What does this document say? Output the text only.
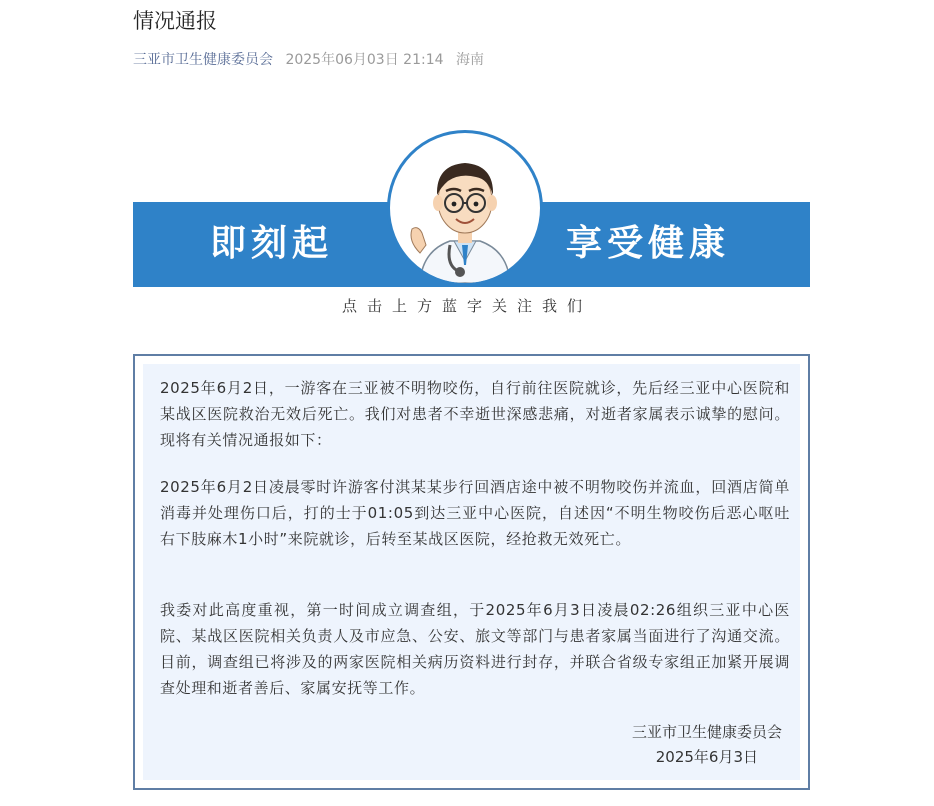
情况通报
三亚市卫生健康委员会 2025年06月03日 21:14 海南
即刻起	享受健康
点击上方蓝字关注我们
2025年6月2日，一游客在三亚被不明物咬伤，自行前往医院就诊，先后经三亚中心医院和某战区医院救治无效后死亡。我们对患者不幸逝世深感悲痛，对逝者家属表示诚挚的慰问。现将有关情况通报如下：
2025年6月2日凌晨零时许游客付淇某某步行回酒店途中被不明物咬伤并流血，回酒店简单消毒并处理伤口后，打的士于01:05到达三亚中心医院，自述因“不明生物咬伤后恶心呕吐右下肢麻木1小时”来院就诊，后转至某战区医院，经抢救无效死亡。
我委对此高度重视，第一时间成立调查组，于2025年6月3日凌晨02:26组织三亚中心医院、某战区医院相关负责人及市应急、公安、旅文等部门与患者家属当面进行了沟通交流。目前，调查组已将涉及的两家医院相关病历资料进行封存，并联合省级专家组正加紧开展调查处理和逝者善后、家属安抚等工作。
三亚市卫生健康委员会
2025年6月3日
